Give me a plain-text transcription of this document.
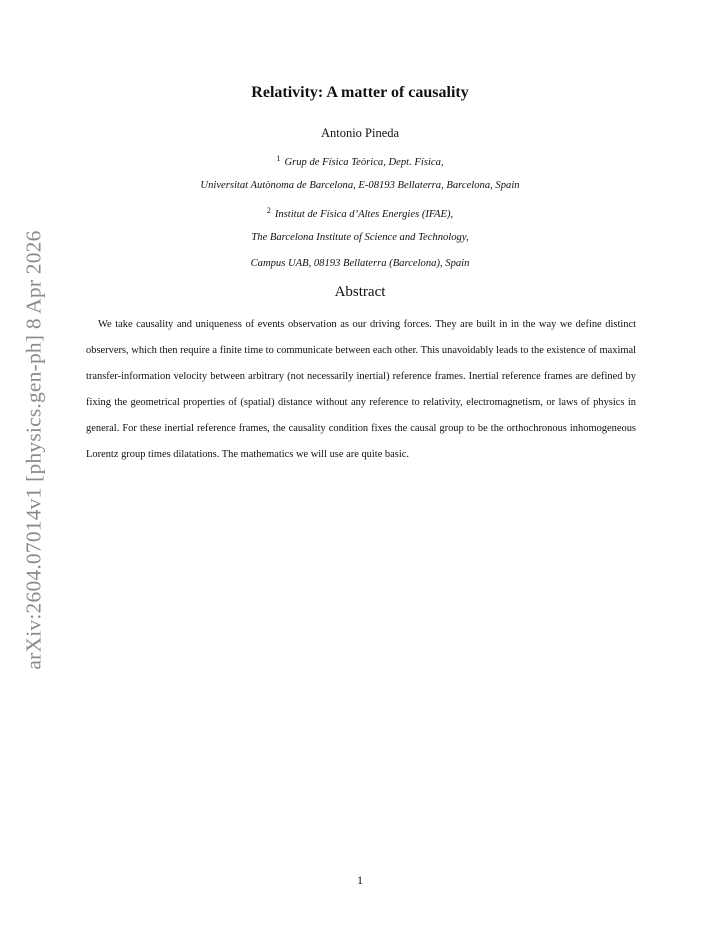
arXiv:2604.07014v1 [physics.gen-ph] 8 Apr 2026
Relativity: A matter of causality
Antonio Pineda
$^1$ Grup de Física Teòrica, Dept. Física,
Universitat Autònoma de Barcelona, E-08193 Bellaterra, Barcelona, Spain
$^2$ Institut de Física d’Altes Energies (IFAE),
The Barcelona Institute of Science and Technology,
Campus UAB, 08193 Bellaterra (Barcelona), Spain
Abstract

We take causality and uniqueness of events observation as our driving forces. They are built in in the way we define distinct observers, which then require a finite time to communicate between each other. This unavoidably leads to the existence of maximal transfer-information velocity between arbitrary (not necessarily inertial) reference frames. Inertial reference frames are defined by fixing the geometrical properties of (spatial) distance without any reference to relativity, electromagnetism, or laws of physics in general. For these inertial reference frames, the causality condition fixes the causal group to be the orthochronous inhomogeneous Lorentz group times dilatations. The mathematics we will use are quite basic.

1
